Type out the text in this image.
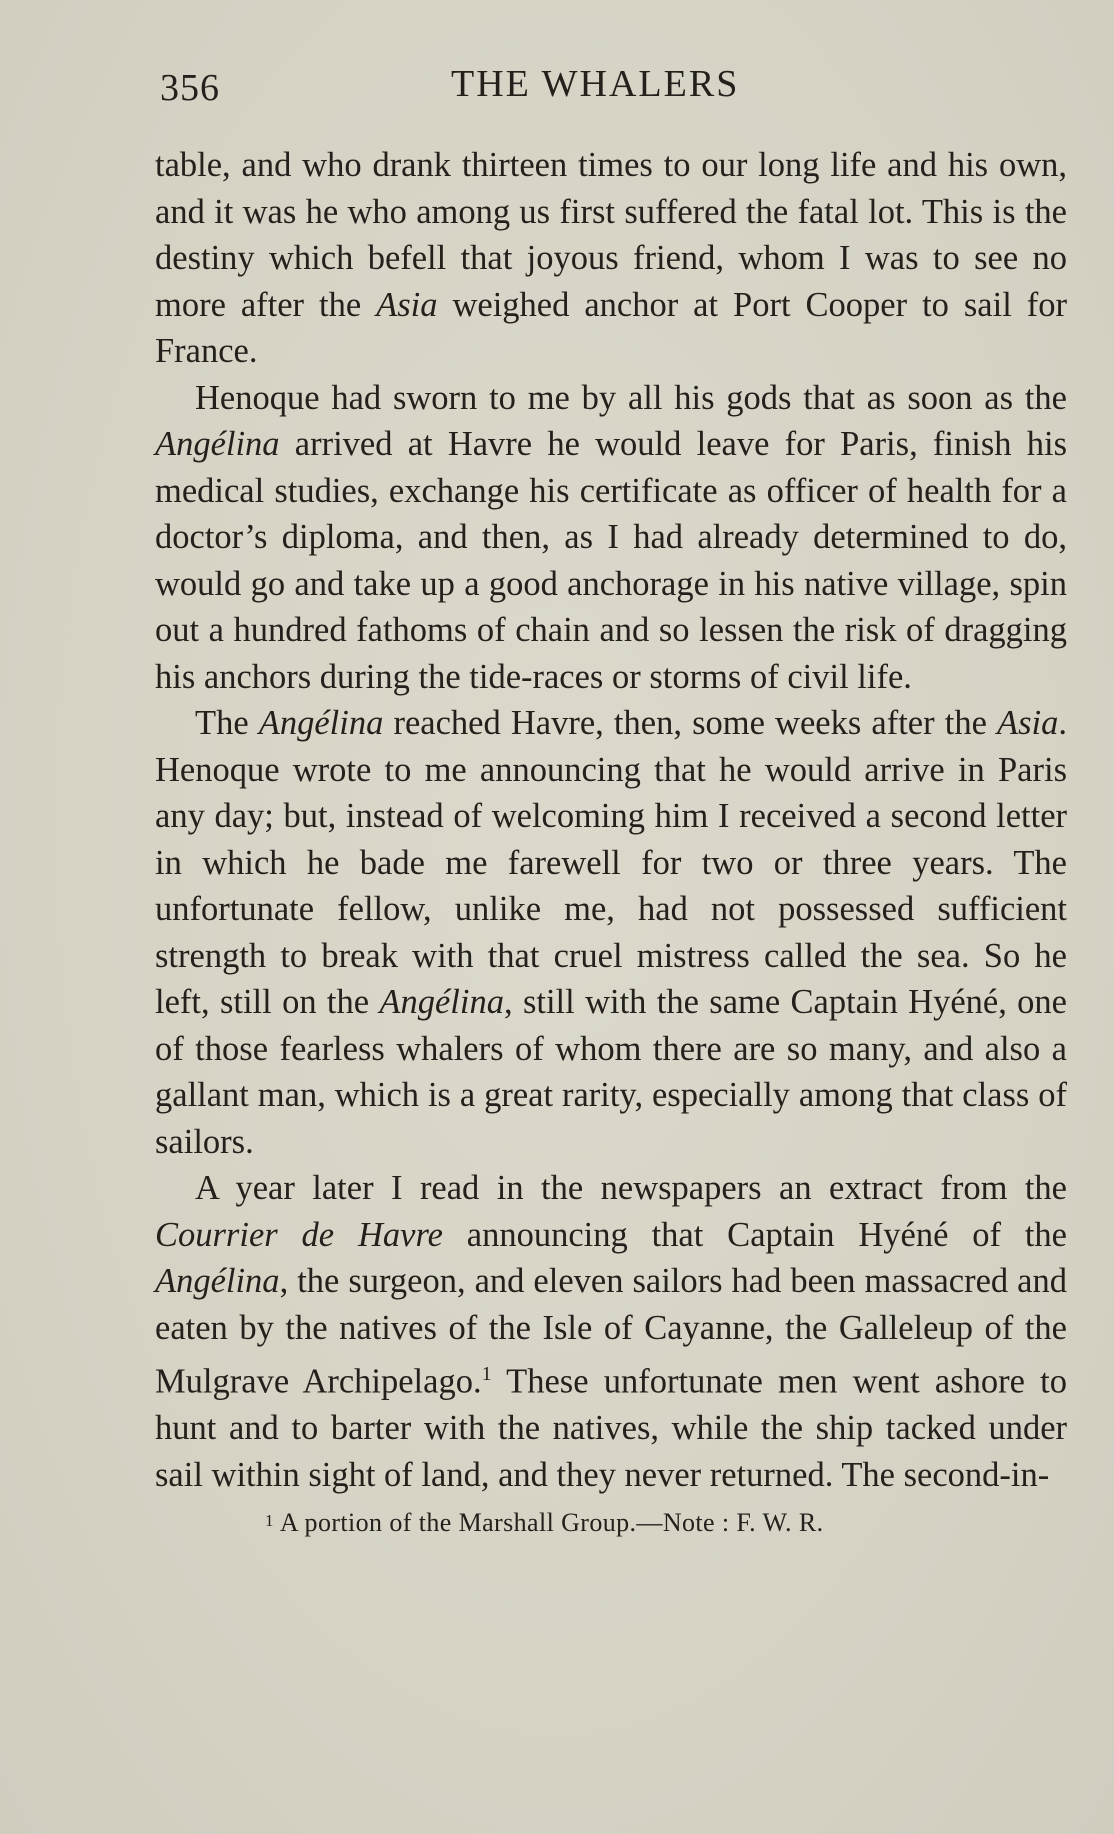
356	THE WHALERS

table, and who drank thirteen times to our long life and his own, and it was he who among us first suffered the fatal lot. This is the destiny which befell that joyous friend, whom I was to see no more after the Asia weighed anchor at Port Cooper to sail for France.

Henoque had sworn to me by all his gods that as soon as the Angélina arrived at Havre he would leave for Paris, finish his medical studies, exchange his certificate as officer of health for a doctor’s diploma, and then, as I had already determined to do, would go and take up a good anchorage in his native village, spin out a hundred fathoms of chain and so lessen the risk of dragging his anchors during the tide-races or storms of civil life.

The Angélina reached Havre, then, some weeks after the Asia. Henoque wrote to me announcing that he would arrive in Paris any day; but, instead of welcoming him I received a second letter in which he bade me farewell for two or three years. The unfortunate fellow, unlike me, had not possessed sufficient strength to break with that cruel mistress called the sea. So he left, still on the Angélina, still with the same Captain Hyéné, one of those fearless whalers of whom there are so many, and also a gallant man, which is a great rarity, especially among that class of sailors.

A year later I read in the newspapers an extract from the Courrier de Havre announcing that Captain Hyéné of the Angélina, the surgeon, and eleven sailors had been massacred and eaten by the natives of the Isle of Cayanne, the Galleleup of the Mulgrave Archipelago.$^1$ These unfortunate men went ashore to hunt and to barter with the natives, while the ship tacked under sail within sight of land, and they never returned. The second-in-

$^1$ A portion of the Marshall Group.—Note : F. W. R.
